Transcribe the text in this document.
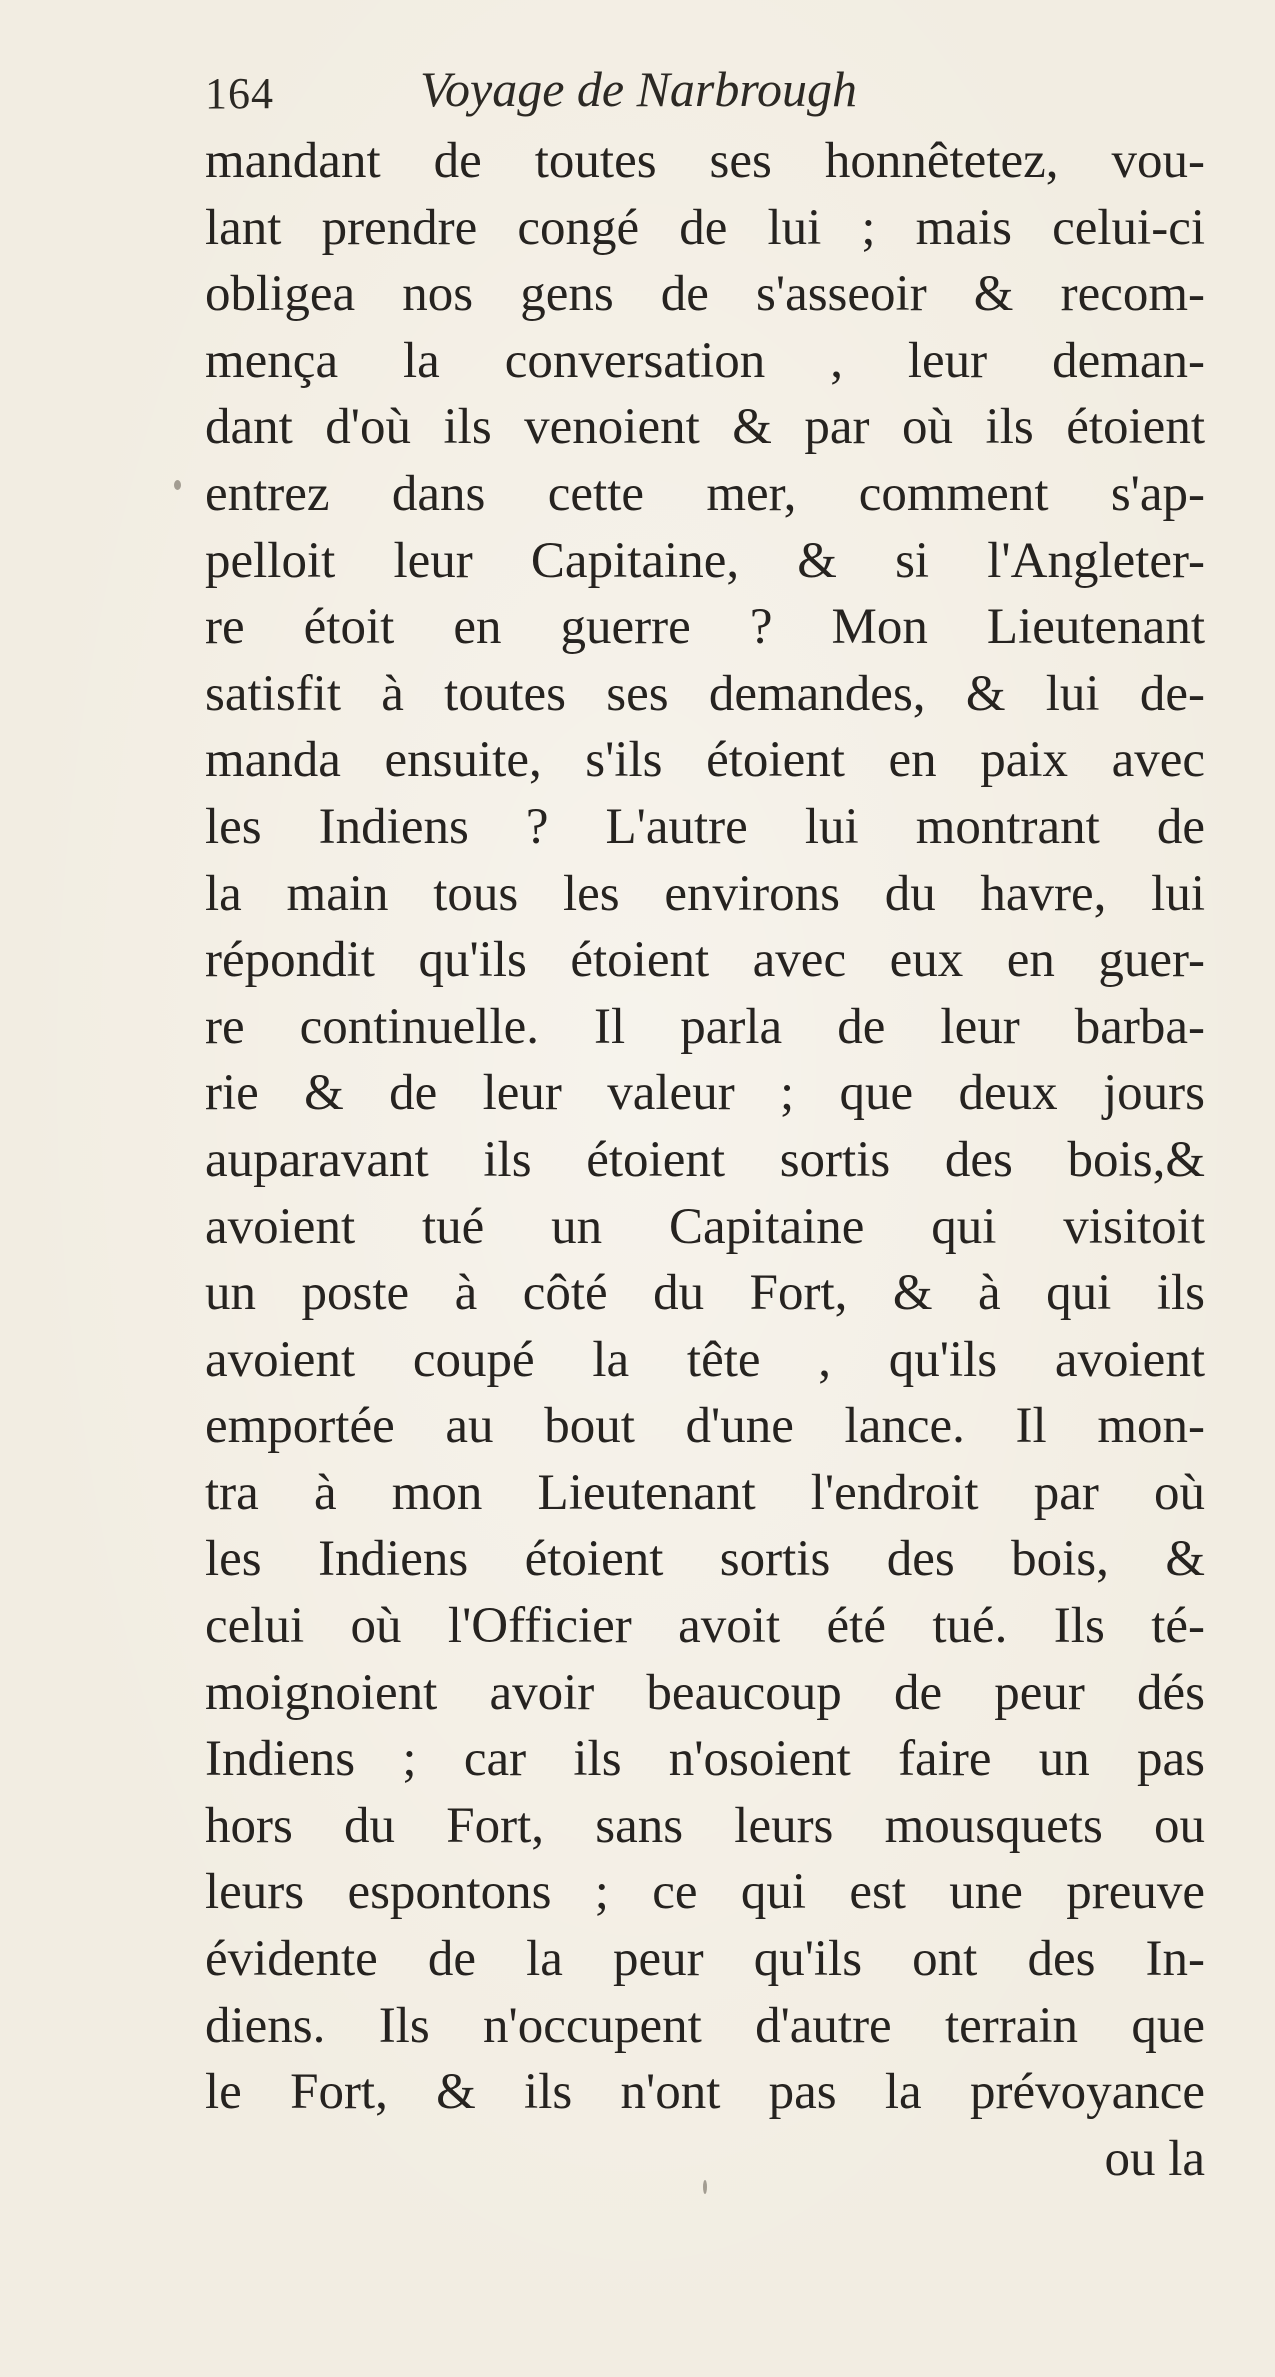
164	Voyage de Narbrough
mandant de toutes ses honnêtetez, vou-
lant prendre congé de lui ; mais celui-ci
obligea nos gens de s'asseoir & recom-
mença la conversation , leur deman-
dant d'où ils venoient & par où ils étoient
entrez dans cette mer, comment s'ap-
pelloit leur Capitaine, & si l'Angleter-
re étoit en guerre ? Mon Lieutenant
satisfit à toutes ses demandes, & lui de-
manda ensuite, s'ils étoient en paix avec
les Indiens ? L'autre lui montrant de
la main tous les environs du havre, lui
répondit qu'ils étoient avec eux en guer-
re continuelle. Il parla de leur barba-
rie & de leur valeur ; que deux jours
auparavant ils étoient sortis des bois,&
avoient tué un Capitaine qui visitoit
un poste à côté du Fort, & à qui ils
avoient coupé la tête , qu'ils avoient
emportée au bout d'une lance. Il mon-
tra à mon Lieutenant l'endroit par où
les Indiens étoient sortis des bois, &
celui où l'Officier avoit été tué. Ils té-
moignoient avoir beaucoup de peur dés
Indiens ; car ils n'osoient faire un pas
hors du Fort, sans leurs mousquets ou
leurs espontons ; ce qui est une preuve
évidente de la peur qu'ils ont des In-
diens. Ils n'occupent d'autre terrain que
le Fort, & ils n'ont pas la prévoyance
ou la
